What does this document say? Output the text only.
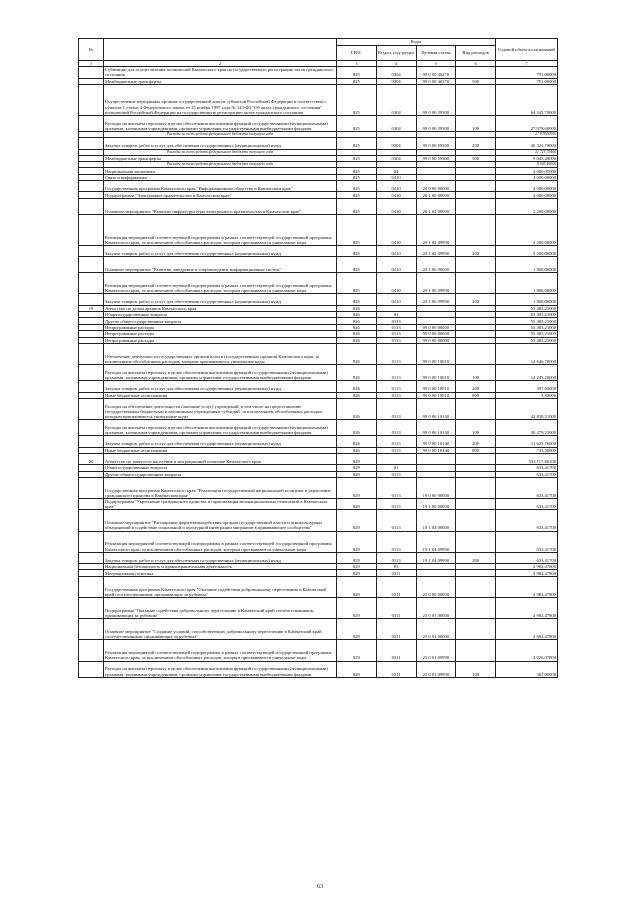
№		Коды				Годовой объем ассигнований
		ГРБС	Раздел, под-раздел	Целевая статья	Вид расходов	
1	2	3	4	5	6	7
	Субвенции для осуществления полномочий Камчатского края на государственную регистрацию актов гражданского состояния	825	0304	99 0 00 40270		791,00000
	Межбюджетные трансферты	825	0304	99 0 00 40270	500	791,00000
	Осуществление переданных органам государственной власти субъектов Российской Федерации в соответствии с пунктом 1 статьи 4 Федерального закона от 15 ноября 1997 года № 143-ФЗ "Об актах гражданского состояния" полномочий Российской Федерации на государственную регистрацию актов гражданского состояния	825	0304	99 0 00 59300		64 345,70000
	Расходы на выплаты персоналу в целях обеспечения выполнения функций государственными (муниципальными) органами, казенными учреждениями, органами управления государственными внебюджетными фондами	825	0304	99 0 00 59300	100	27 978,60000
	Расходы за счет средств федерального бюджета текущего года					27 978,60000
	Закупка товаров, работ и услуг для обеспечения государственных (муниципальных) нужд	825	0304	99 0 00 59300	200	26 321,70000
	Расходы за счет средств федерального бюджета текущего года					21 727,79400
	Межбюджетные трансферты	825	0304	99 0 00 59300	500	9 045,40000
	Расходы за счет средств федерального бюджета текущего года					9 045,40000
	Национальная экономика	825	04			4 000,05000
	Связь и информатика	825	0410			4 000,00000
	Государственная программа Камчатского края "Информационное общество в Камчатском крае"	825	0410	20 0 00 00000		4 000,00000
	Подпрограмма "Электронное правительство в Камчатском крае"	825	0410	20 1 00 00000		4 000,00000
	Основное мероприятие "Развитие инфраструктуры электронного правительства в Камчатском крае"	825	0410	20 1 02 00000		2 200,00000
	Реализация мероприятий соответствующей подпрограммы в рамках соответствующей государственной программы Камчатского края, за исключением обособленных расходов, которым присваиваются уникальные коды	825	0410	20 1 02 09990		2 200,00000
	Закупка товаров, работ и услуг для обеспечения государственных (муниципальных) нужд	825	0410	20 1 02 09990	200	2 200,00000
	Основное мероприятие "Развитие, внедрение и сопровождение информационных систем"	825	0410	20 1 06 00000		1 800,00000
	Реализация мероприятий соответствующей подпрограммы в рамках соответствующей государственной программы Камчатского края, за исключением обособленных расходов, которым присваиваются уникальные коды	825	0410	20 1 06 09990		1 800,00000
	Закупка товаров, работ и услуг для обеспечения государственных (муниципальных) нужд	825	0410	20 1 06 09990	200	1 800,00000
19	Агентство по делам архивов Камчатского края	826				55 485,21000
	Общегосударственные вопросы	826	01			55 485,21000
	Другие общегосударственные вопросы	826	0113			55 485,21000
	Непрограммные расходы	826	0113	99 0 00 00000		55 485,21000
	Непрограммные расходы	826	0113	99 0 00 00000		55 485,21000
	Непрограммные расходы	826	0113	99 0 00 00000		55 485,21000
	Обеспечение деятельности государственных органов власти (государственных органов) Камчатского края, за исключением обособленных расходов, которым присваиваются уникальные коды	826	0113	99 0 00 10010		12 646,70000
	Расходы на выплаты персоналу в целях обеспечения выполнения функций государственными (муниципальными) органами, казенными учреждениями, органами управления государственными внебюджетными фондами	826	0113	99 0 00 10010	100	12 245,20000
	Закупка товаров, работ и услуг для обеспечения государственных (муниципальных) нужд	826	0113	99 0 00 10010	200	397,60000
	Иные бюджетные ассигнования	826	0113	99 0 00 10010	800	3,80000
	Расходы на обеспечение деятельности (оказание услуг) учреждений, в том числе на предоставление государственным бюджетным и автономным учреждениям субсидий, за исключением обособленных расходов, которым присваиваются уникальные коды	826	0113	99 0 00 10140		42 838,51000
	Расходы на выплаты персоналу в целях обеспечения выполнения функций государственными (муниципальными) органами, казенными учреждениями, органами управления государственными внебюджетными фондами	826	0113	99 0 00 10140	100	30 479,25000
	Закупка товаров, работ и услуг для обеспечения государственных (муниципальных) нужд	826	0113	99 0 00 10140	200	11 625,76000
	Иные бюджетные ассигнования	826	0113	99 0 00 10140	800	733,50000
20	Агентство по занятости населения и миграционной политике Камчатского края	829				533 117,86100
	Общегосударственные вопросы	829	01			633,41700
	Другие общегосударственные вопросы	829	0113			633,41700
	Государственная программа Камчатского края "Реализация государственной национальной политики и укрепление гражданского единства в Камчатском крае"	829	0113	19 0 00 00000		633,41700
	Подпрограмма "Укрепление гражданского единства и гармонизация межнациональных отношений в Камчатском крае"	829	0113	19 1 00 00000		633,41700
	Основное мероприятие "Расширение форм взаимодействия органов государственной власти и этнокультурных объединений и содействие социальной и культурной интеграции мигрантов в принимающее сообщество"	829	0113	19 1 04 00000		633,41700
	Реализация мероприятий соответствующей подпрограммы в рамках соответствующей государственной программы Камчатского края, за исключением обособленных расходов, которым присваиваются уникальные коды	829	0113	19 1 04 09990		633,41700
	Закупка товаров, работ и услуг для обеспечения государственных (муниципальных) нужд	829	0113	19 1 04 09990	200	633,41700
	Национальная безопасность и правоохранительная деятельность	829	03			2 982,47800
	Миграционная политика	829	0311			2 982,47800
	Государственная программа Камчатского края "Оказание содействия добровольному переселению в Камчатский край соотечественников, проживающих за рубежом"	829	0311	25 0 00 00000		2 982,47800
	Подпрограмма "Оказание содействия добровольному переселению в Камчатский край соотечественников, проживающих за рубежом"	829	0311	25 0 01 00000		2 982,47800
	Основное мероприятие "Создание условий, способствующих добровольному переселению в Камчатский край соотечественников, проживающих за рубежом"	829	0311	25 0 01 00000		2 682,47800
	Реализация мероприятий соответствующей подпрограммы в рамках соответствующей государственной программы Камчатского края, за исключением обособленных расходов, которым присваиваются уникальные коды	829	0311	25 0 01 09990		2 026,07800
	Расходы на выплаты персоналу в целях обеспечения выполнения функций государственными (муниципальными) органами, казенными учреждениями, органами управления государственными внебюджетными фондами	829	0311	25 0 01 09990	100	367,00000
63
